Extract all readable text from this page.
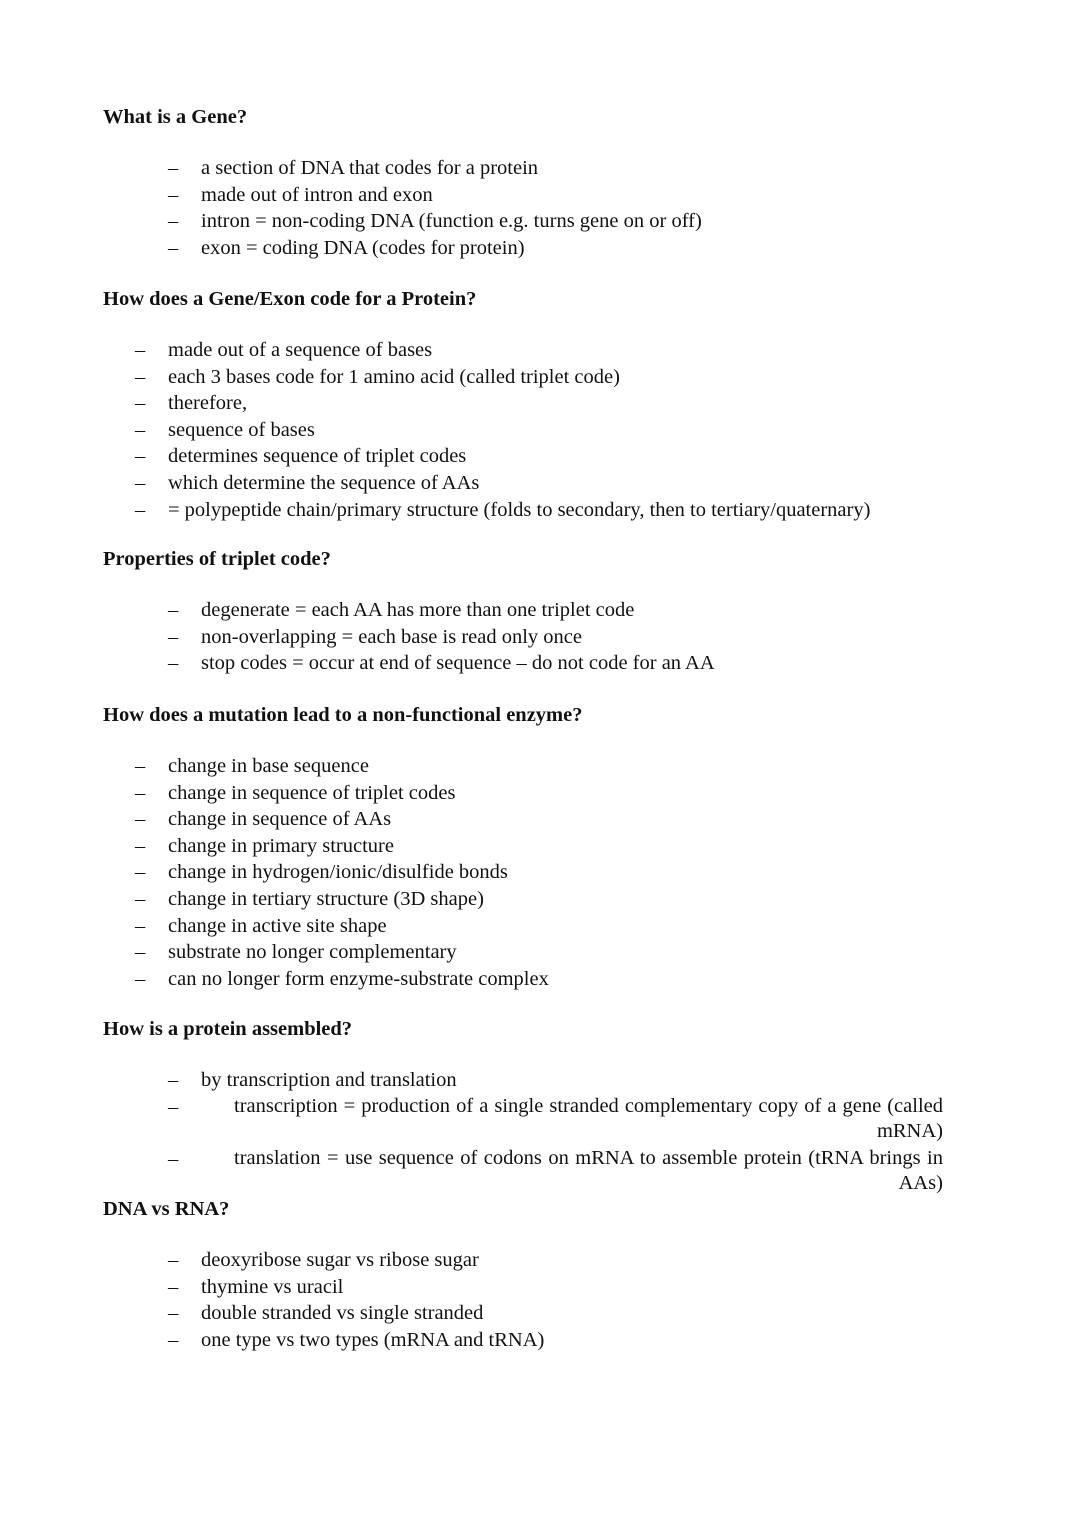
What is a Gene?
– a section of DNA that codes for a protein
– made out of intron and exon
– intron = non-coding DNA (function e.g. turns gene on or off)
– exon = coding DNA (codes for protein)
How does a Gene/Exon code for a Protein?
– made out of a sequence of bases
– each 3 bases code for 1 amino acid (called triplet code)
– therefore,
– sequence of bases
– determines sequence of triplet codes
– which determine the sequence of AAs
– = polypeptide chain/primary structure (folds to secondary, then to tertiary/quaternary)
Properties of triplet code?
– degenerate = each AA has more than one triplet code
– non-overlapping = each base is read only once
– stop codes = occur at end of sequence – do not code for an AA
How does a mutation lead to a non-functional enzyme?
– change in base sequence
– change in sequence of triplet codes
– change in sequence of AAs
– change in primary structure
– change in hydrogen/ionic/disulfide bonds
– change in tertiary structure (3D shape)
– change in active site shape
– substrate no longer complementary
– can no longer form enzyme-substrate complex
How is a protein assembled?
– by transcription and translation
–	transcription = production of a single stranded complementary copy of a gene (called mRNA)
–	translation = use sequence of codons on mRNA to assemble protein (tRNA brings in AAs)
DNA vs RNA?
– deoxyribose sugar vs ribose sugar
– thymine vs uracil
– double stranded vs single stranded
– one type vs two types (mRNA and tRNA)
